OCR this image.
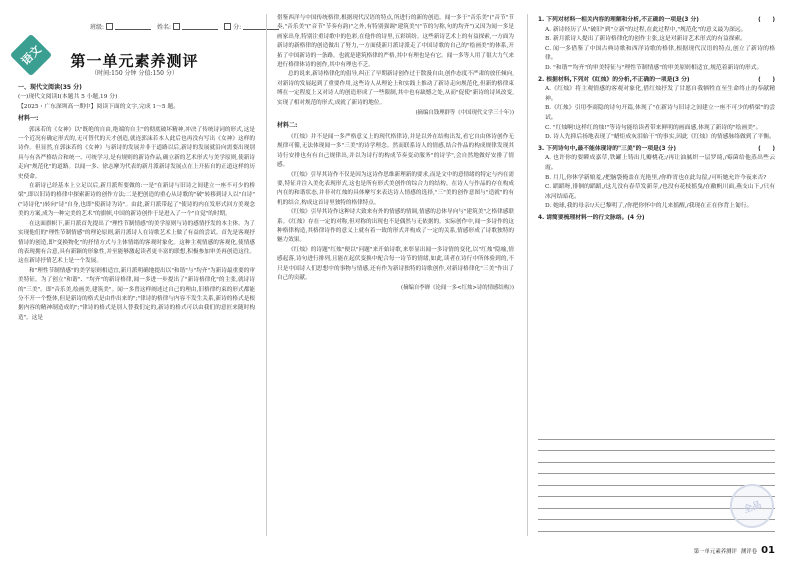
班级:	姓名:	分:
语文	第一单元素养测评
（时间:150 分钟 分值:150 分）

一、现代文阅读(35 分)

(一)现代文阅读Ⅰ(本题共 5 小题,19 分)

【2025・广东深圳高一期中】阅读下面的文字,完成 1～5 题。

材料一:

郭沫若的《女神》以"既绝的自由,绝端的自主"的彻底破坏精神,冲决了传统诗词的形式,这是一个近况有确定形式的,无可替代的天才创造,就连郭沫若本人此后也再没有写出《女神》这样的诗作。但显然,在郭沫若的《女神》与新诗的发展并非于道路以后,新诗的发展就沿向需要出现别具与有各严格结合和统一、可统学习,是有规则的新诗作品,确立新的艺术形式与美学原则,使新诗走向"规范化"的道路。以闻一多、徐志摩为代表的新月派新诗发展点在上开拓自的正道这样的历史使命。

在新诗已经基本上立足以后,新月派所要做的:一是"在新诗与旧诗之间建立一座不可少的桥梁",即以旧诗的格律中探索新诗的创作方法;二是把创造的重心从诗歌的"破"转移到诗人以"自诗"("诗诗化")转向"诗"自身,也即"使新诗为诗"。由此,新月派带起了"使诗的内在发形式回方美观念美的方案,成为一种完美的艺术"的旗帜,中国的新诗创作于是进入了一个"自觉"的时期。

在这面旗帜下,新月派首先提出了"理性节制情感"的美学原则与诗的感情抒发的本主体。为了实现他们的"理性节制情感"的理论原则,新月派诗人在诗歌艺术上做了有益的尝试。首先是客观抒情诗的创造,即"变换物化"的抒情方式与主体情绪的客观时象化。这种主观情感的客观化,使情感的表现拥有合意,具有新颖的形象性,并至能够激起读者更丰富的联想,积极参加审美再创造这往。这在新诗抒情艺术上是一个发展。

和"理性节制情感"的美学原则相适宜,新月派明确地提出以"和谐"与"均齐"为新诗最重要的审美特征。为了创立"和谐"、"均齐"的新诗格律,闻一多进一步提出了"新诗格律化"的主张,就诗诗的"三美"。即"音乐美,绘画美,建筑美"。闻一多曾这样阐述过自己的理由,旧格律约束的形式都能分不开一个整体,但是新诗的格式是由作出来的";"律诗的格律与内容不发生关系,新诗的格式是根据内容的精神制造成的";"律诗的格式是别人替我们定的,新诗的格式可以由我们的意匠来随时构造"。这是

借鉴西洋与中国传统格律,根据现代汉语的特点,所进行的新的创造。闻一多于"音乐美"("音节"节奏,"音乐美"("音节"节奏有韵)"之外,有特别强调"建筑美"("节的匀称,句的均齐")又因为闻一多是画家出身,特别注重诗歌中的色彩,在他作的诗里,五彩缤纷。这些新诗艺术上的有益探索,一方面为新诗的新格律的创造做出了努力,一方面使新月派诗派走了中国诗歌的自己的"绘画美"的体系,开拓了中国新诗的一条路。也就是建筑格律的严格,其中有理也是有它。闻一多等人用了很大力气来进行格律体诗的创作,其中有理也不乏。

总的说来,新诗格律化的倡导,纠正了早期新诗创作过于散漫自由,创作态度不严肃的放任倾向,对新诗的发展起到了重要作用,这些诗人从理论上和实践上推动了新诗走向规范化,但新的格律束缚在一定程度上又对诗人的创造形成了一些限制,其中也有缺憾之处,从而"促使"新诗的诗风改变,实现了相对规范的形式,成就了新诗的地位。

(摘编自钱理群等《中国现代文学三十年》)

材料二:

《红烛》并不是闻一多严格意义上的现代格律诗,并是以外在结构出发,看它自由体诗创作无规律可循,无法体现闻一多"三美"的诗学理念。然而联系诗人的情感,结合作品的构成规律发现其诗行安排也有有自己规律出,并以为诗行的构成节奏变动服务"的诗学",会自然地做好安排了情感。

《红烛》引导其诗作不仅是因为这诗作思维新理新的要求,而是文中的意情绪的特定与内在需要,特征并注入美化表现形式,这也是所有形式美创作的综合力的结构。在诗人与作品的存在构成内在的和谐状态,并非对红烛的具体摩写来表达诗人情感的选择,"三"美的创作意图与"造就"的有机的结合,构成这首诗里独特的格律特点。

《红烛》引导其诗作这种诗大致来有外的情感的情调,情感的总体导向与"建筑美"之格律感联系。《红烛》存在一定的对称,但对称的出现也不是偶然与无依据的。实际创作中,闻一多诗作的这种格律构造,其格律诗作的意义上就有着一致的形式并构成了一定的关系,情感形成了诗歌独特的魅力效果。

《红烛》的诗题"红烛"便以"问题"来开始诗歌,来彰显出闻一多诗情的变化,以"红烛"隐喻,情感起落,诗句进行排列,且能在起伏变换中配合每一诗节的情绪,如此,读者在诗行中所体验到的,不只是中国诗人们思想中的事物与情感,还有作为新诗独特的诗歌创作,对新诗格律化"三美"作出了自己的贡献。

(摘编自李婵《论闻一多<红烛>诗的情感结构》)

1. 下列对材料一相关内容的理解和分析,不正确的一项是(3 分)	(　　)

A. 新诗经历了从"破旧"到"立新"的过程,在此过程中,"规范化"的意义最为深远。

B. 新月派诗人提出了新诗格律化的创作主张,这是对新诗艺术形式的有益探索。

C. 闻一多借鉴了中国古典诗歌和西洋诗歌的格律,根据现代汉语的特点,创立了新诗的格律。

D. "和谐""均齐"的审美特征与"理性节制情感"的审美原则相适宜,规范着新诗的形式。

2. 根据材料,下列对《红烛》的分析,不正确的一项是(3 分)	(　　)

A.《红烛》将主观情感的客观对象化,借红烛抒发了甘愿自我牺牲直至生命终止的奉献精神。

B.《红烛》引用李商隐的诗句开篇,体现了"在新诗与旧诗之间建立一座不可少的桥梁"的尝试。

C. "红烛啊!这样红的烛!"等诗句能给读者带来鲜明的画面感,体现了新诗的"绘画美"。

D. 诗人先抑后扬地表现了"蜡炬成灰泪始干"的事实,因此《红烛》的情感脉络做到了平衡。

3. 下列诗句中,最不能体现诗的"三美"的一项是(3 分)	(　　)

A. 也许你的要瞬成嘉草,铁罐上铸出几瓣桃花;/再让油腻织一层罗绮,/霉菌给他蒸出些云霞。

B. 月儿,你休学新娘羞,/把脑袋掩盖在光艳里,/你昨宵也在此勾留,/可听她允许今夜来否?

C. 蹈蹈呀,徘徊的蹈蹈,/这儿没有春草发新芽,/也没有花枝摇曳/在敝帆川面,燕支山下,/只有冰河结暗花。

D. 她球,我的母亲!/天已黎明了,/你把你怀中的儿来摇醒,/我现在正在你背上匍行。

4. 请简要梳理材料一的行文脉络。(4 分)
全品
第一单元素养测评 测评卷 01
